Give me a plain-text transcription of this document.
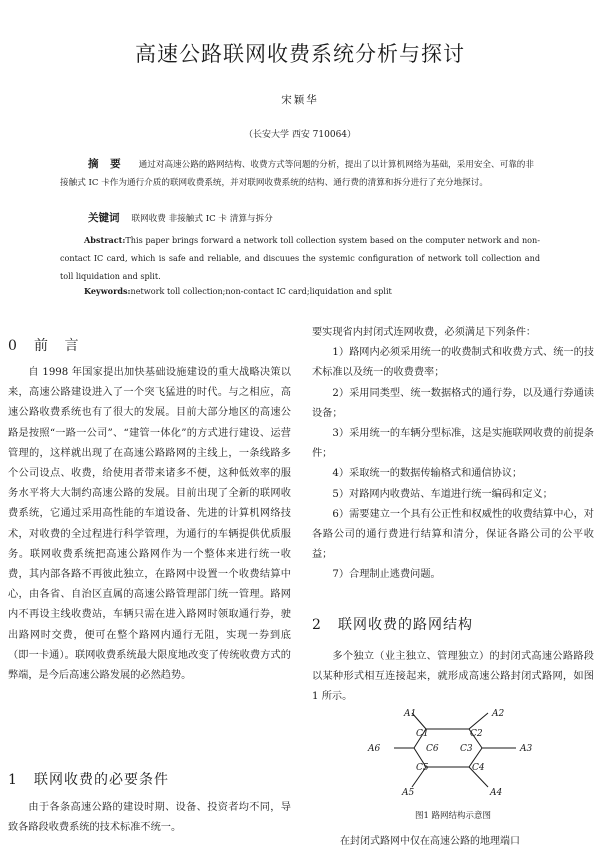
高速公路联网收费系统分析与探讨
宋颖华
（长安大学 西安 710064）
摘 要 通过对高速公路的路网结构、收费方式等问题的分析，提出了以计算机网络为基础，采用安全、可靠的非接触式 IC 卡作为通行介质的联网收费系统，并对联网收费系统的结构、通行费的清算和拆分进行了充分地探讨。
关键词 联网收费 非接触式 IC 卡 清算与拆分
Abstract:This paper brings forward a network toll collection system based on the computer network and non-contact IC card, which is safe and reliable, and discuues the systemic configuration of network toll collection and toll liquidation and split.
Keywords:network toll collection;non-contact IC card;liquidation and split
0 前 言

自 1998 年国家提出加快基础设施建设的重大战略决策以来，高速公路建设进入了一个突飞猛进的时代。与之相应，高速公路收费系统也有了很大的发展。目前大部分地区的高速公路是按照“一路一公司”、“建管一体化”的方式进行建设、运营管理的，这样就出现了在高速公路路网的主线上，一条线路多个公司设点、收费，给使用者带来诸多不便，这种低效率的服务水平将大大制约高速公路的发展。目前出现了全新的联网收费系统，它通过采用高性能的车道设备、先进的计算机网络技术，对收费的全过程进行科学管理，为通行的车辆提供优质服务。联网收费系统把高速公路网作为一个整体来进行统一收费，其内部各路不再彼此独立，在路网中设置一个收费结算中心，由各省、自治区直属的高速公路管理部门统一管理。路网内不再设主线收费站，车辆只需在进入路网时领取通行券，驶出路网时交费，便可在整个路网内通行无阻，实现一券到底（即一卡通）。联网收费系统最大限度地改变了传统收费方式的弊端，是今后高速公路发展的必然趋势。

1 联网收费的必要条件

由于各条高速公路的建设时期、设备、投资者均不同，导致各路段收费系统的技术标准不统一。

要实现省内封闭式连网收费，必须满足下列条件：

1）路网内必须采用统一的收费制式和收费方式、统一的技术标准以及统一的收费费率；

2）采用同类型、统一数据格式的通行券，以及通行券通读设备；

3）采用统一的车辆分型标准，这是实施联网收费的前提条件；

4）采取统一的数据传输格式和通信协议；

5）对路网内收费站、车道进行统一编码和定义；

6）需要建立一个具有公正性和权威性的收费结算中心，对各路公司的通行费进行结算和清分，保证各路公司的公平收益；

7）合理制止逃费问题。

2 联网收费的路网结构

多个独立（业主独立、管理独立）的封闭式高速公路路段以某种形式相互连接起来，就形成高速公路封闭式路网，如图 1 所示。

A1	A2
A3
A4
A5
A6
C1	C2
C3
C4
C5
C6
图1 路网结构示意图
在封闭式路网中仅在高速公路的地理端口
